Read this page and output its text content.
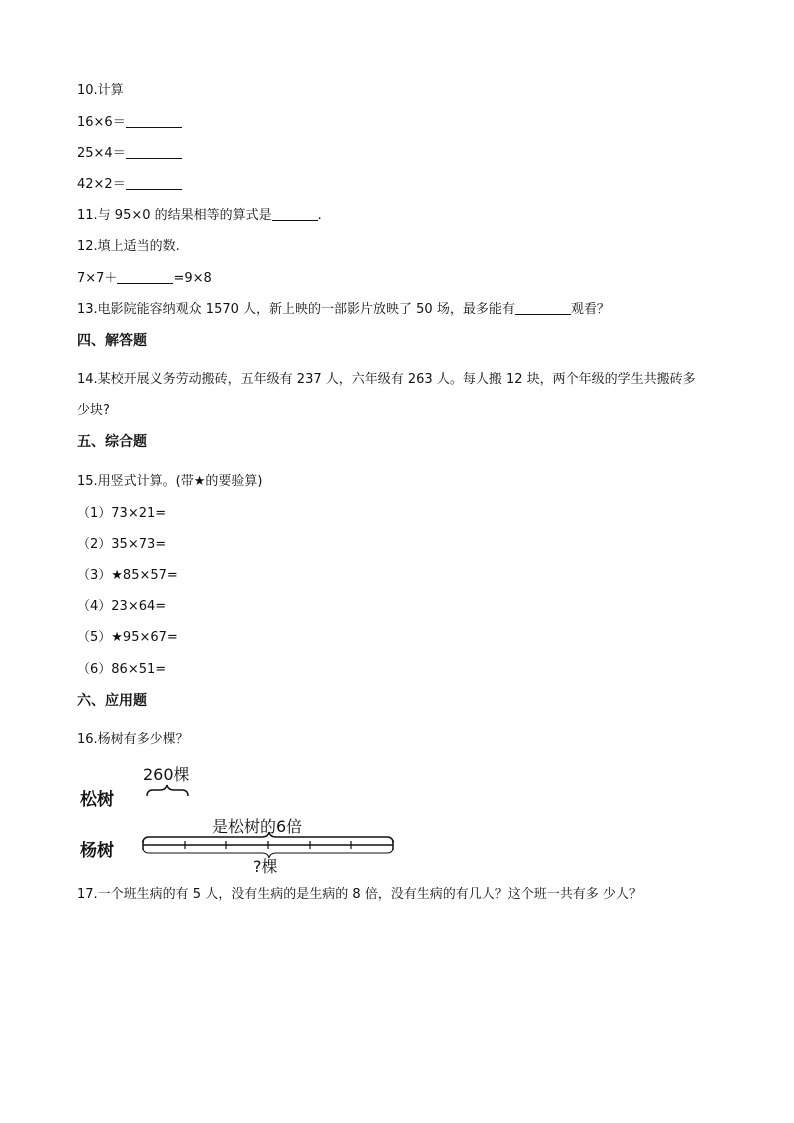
10.计算
16×6＝
25×4＝
42×2＝
11.与 95×0 的结果相等的算式是	.
12.填上适当的数.
7×7＋	=9×8
13.电影院能容纳观众 1570 人，新上映的一部影片放映了 50 场，最多能有	观看？
四、解答题
14.某校开展义务劳动搬砖，五年级有 237 人，六年级有 263 人。每人搬 12 块，两个年级的学生共搬砖多
少块?
五、综合题
15.用竖式计算。(带★的要验算)
（1）73×21=
（2）35×73=
（3）★85×57=
（4）23×64=
（5）★95×67=
（6）86×51=
六、应用题
16.杨树有多少棵？
松树
杨树
260棵
是松树的6倍
?棵
17.一个班生病的有 5 人，没有生病的是生病的 8 倍，没有生病的有几人？这个班一共有多 少人？
